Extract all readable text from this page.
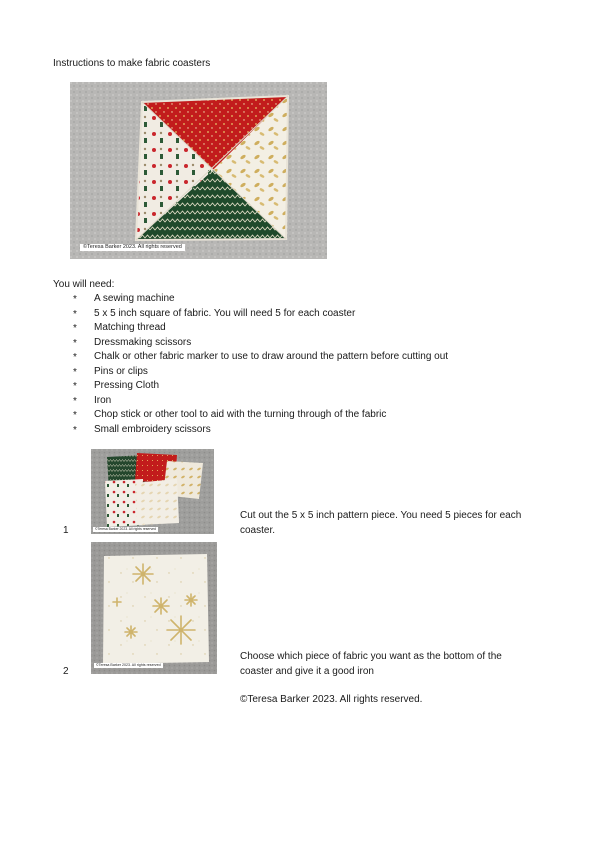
Instructions to make fabric coasters
©Teresa Barker 2023. All rights reserved
You will need:
* A sewing machine
* 5 x 5 inch square of fabric. You will need 5 for each coaster
* Matching thread
* Dressmaking scissors
* Chalk or other fabric marker to use to draw around the pattern before cutting out
* Pins or clips
* Pressing Cloth
* Iron
* Chop stick or other tool to aid with the turning through of the fabric
* Small embroidery scissors
1	©Teresa Barker 2023. All rights reserved
Cut out the 5 x 5 inch pattern piece. You need 5 pieces for each coaster.
2
©Teresa Barker 2023. All rights reserved
Choose which piece of fabric you want as the bottom of the coaster and give it a good iron
©Teresa Barker 2023. All rights reserved.
